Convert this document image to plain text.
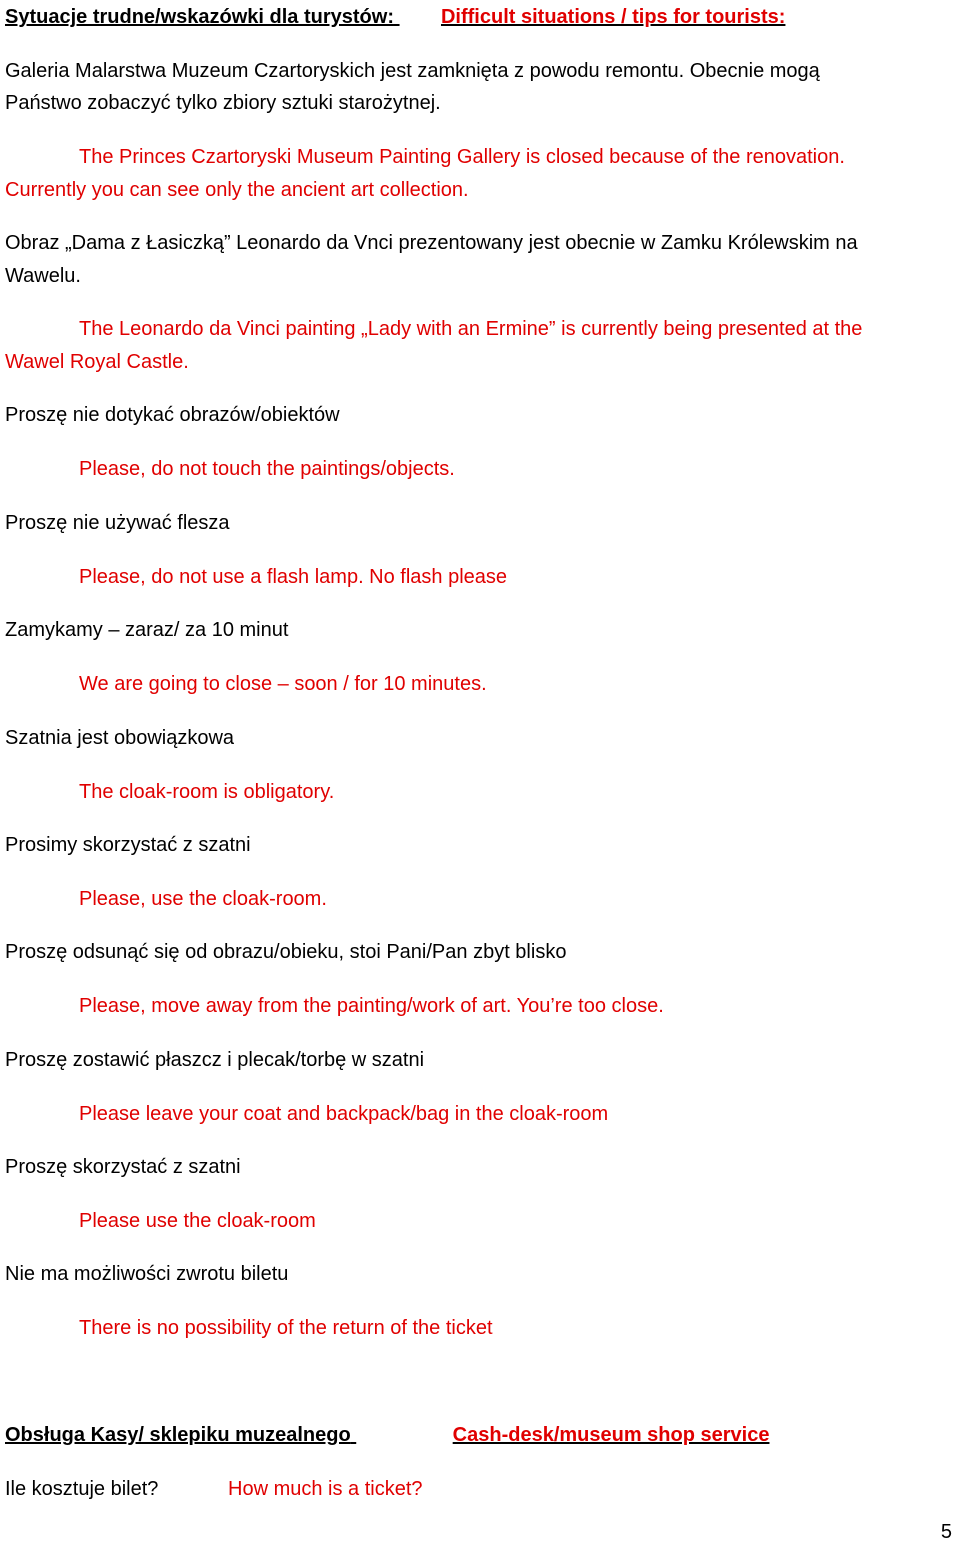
Sytuacje trudne/wskazówki dla turystów: Difficult situations / tips for tourists:
Galeria Malarstwa Muzeum Czartoryskich jest zamknięta z powodu remontu. Obecnie mogą
Państwo zobaczyć tylko zbiory sztuki starożytnej.
The Princes Czartoryski Museum Painting Gallery is closed because of the renovation.
Currently you can see only the ancient art collection.
Obraz „Dama z Łasiczką” Leonardo da Vnci prezentowany jest obecnie w Zamku Królewskim na
Wawelu.
The Leonardo da Vinci painting „Lady with an Ermine” is currently being presented at the
Wawel Royal Castle.
Proszę nie dotykać obrazów/obiektów
Please, do not touch the paintings/objects.
Proszę nie używać flesza
Please, do not use a flash lamp. No flash please
Zamykamy – zaraz/ za 10 minut
We are going to close – soon / for 10 minutes.
Szatnia jest obowiązkowa
The cloak-room is obligatory.
Prosimy skorzystać z szatni
Please, use the cloak-room.
Proszę odsunąć się od obrazu/obieku, stoi Pani/Pan zbyt blisko
Please, move away from the painting/work of art. You’re too close.
Proszę zostawić płaszcz i plecak/torbę w szatni
Please leave your coat and backpack/bag in the cloak-room
Proszę skorzystać z szatni
Please use the cloak-room
Nie ma możliwości zwrotu biletu
There is no possibility of the return of the ticket
Obsługa Kasy/ sklepiku muzealnego	Cash-desk/museum shop service
Ile kosztuje bilet?	How much is a ticket?
5
